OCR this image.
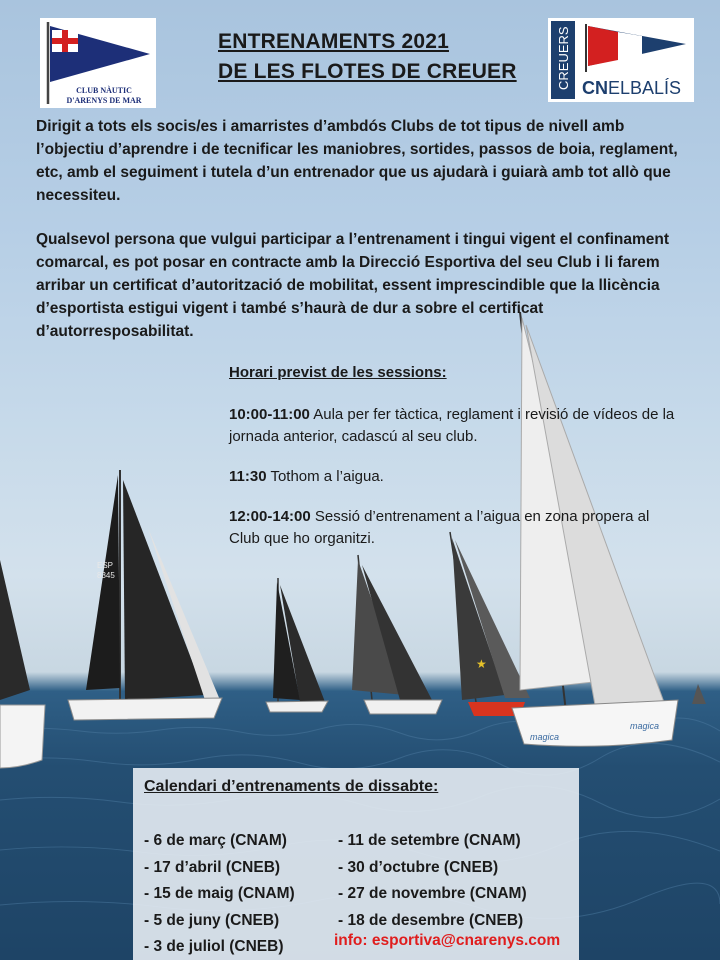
ESP
8345
★
magica
magica
CLUB NÀUTIC
D'ARENYS DE MAR
CREUERS CNELBALÍS
ENTRENAMENTS 2021
DE LES FLOTES DE CREUER
Dirigit a tots els socis/es i amarristes d’ambdós Clubs de tot tipus de nivell amb l’objectiu d’aprendre i de tecnificar les maniobres, sortides, passos de boia, reglament, etc, amb el seguiment i tutela d’un entrenador que us ajudarà i guiarà amb tot allò que necessiteu.
Qualsevol persona que vulgui participar a l’entrenament i tingui vigent el confinament comarcal, es pot posar en contracte amb la Direcció Esportiva del seu Club i li farem arribar un certificat d’autorització de mobilitat, essent imprescindible que la llicència d’esportista estigui vigent i també s’haurà de dur a sobre el certificat d’autorresposabilitat.
Horari previst de les sessions:
10:00-11:00 Aula per fer tàctica, reglament i revisió de vídeos de la jornada anterior, cadascú al seu club.
11:30 Tothom a l’aigua.
12:00-14:00 Sessió d’entrenament a l’aigua en zona propera al Club que ho organitzi.
Calendari d’entrenaments de dissabte:
- 6 de març (CNAM)
- 17 d’abril (CNEB)
- 15 de maig (CNAM)
- 5 de juny (CNEB)
- 3 de juliol (CNEB)
- 11 de setembre (CNAM)
- 30 d’octubre (CNEB)
- 27 de novembre (CNAM)
- 18 de desembre (CNEB)
info: esportiva@cnarenys.com
